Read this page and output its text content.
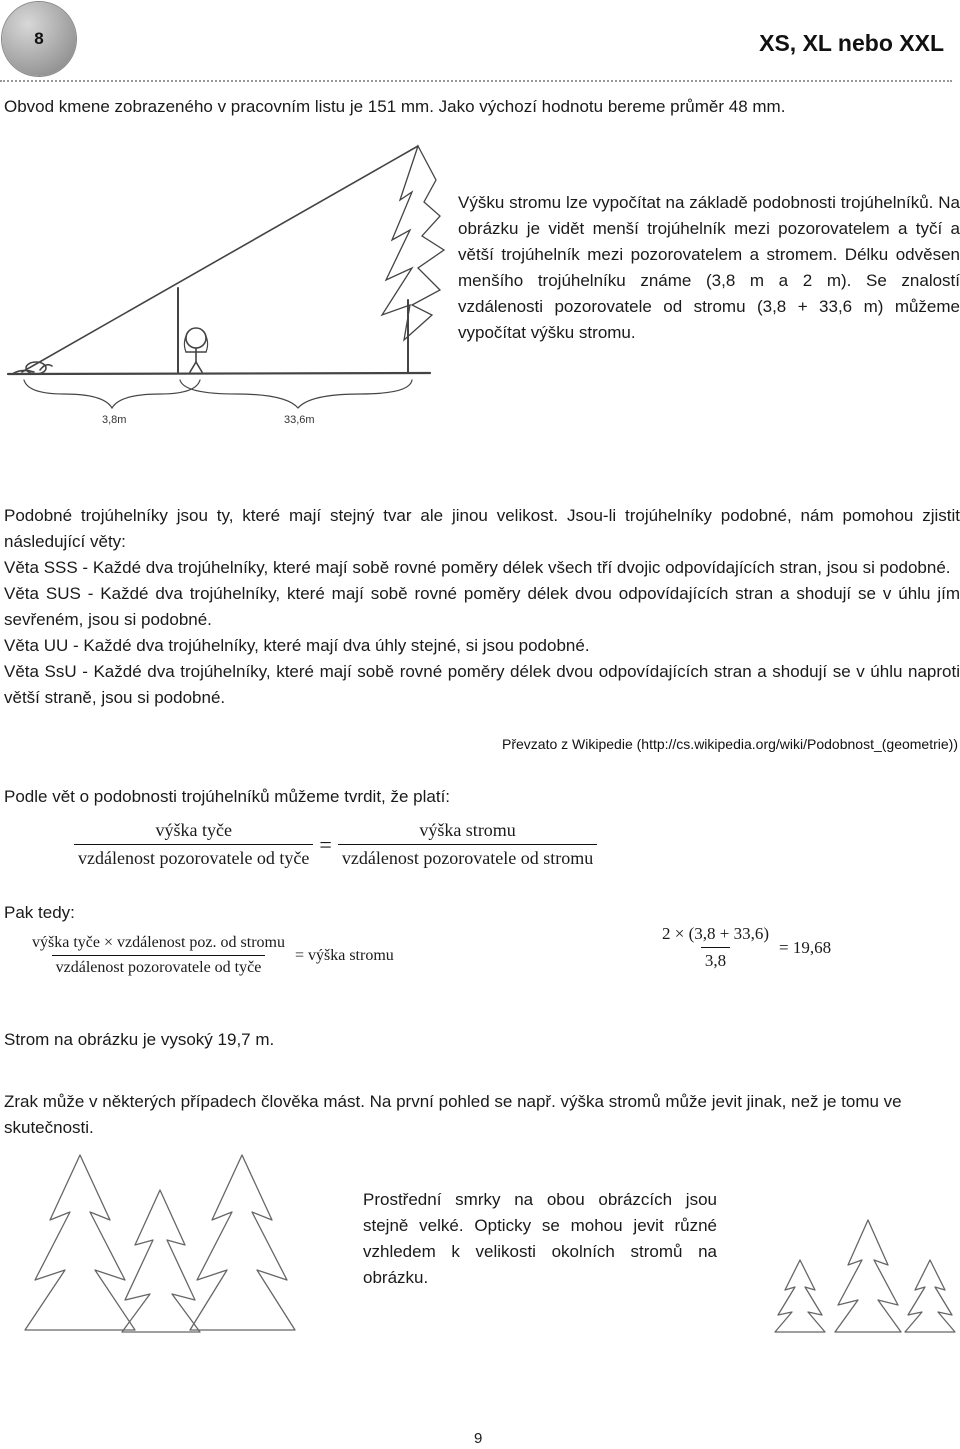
8	XS, XL nebo XXL
Obvod kmene zobrazeného v pracovním listu je 151 mm. Jako výchozí hodnotu bereme průměr 48 mm.
3,8m	33,6m
Výšku stromu lze vypočítat na základě podobnosti trojúhelníků. Na obrázku je vidět menší trojúhelník mezi pozorovatelem a tyčí a větší trojúhelník mezi pozorovatelem a stromem. Délku odvěsen menšího trojúhelníku známe (3,8 m a 2 m). Se znalostí vzdálenosti pozorovatele od stromu (3,8 + 33,6 m) můžeme vypočítat výšku stromu.
Podobné trojúhelníky jsou ty, které mají stejný tvar ale jinou velikost. Jsou-li trojúhelníky podobné, nám pomohou zjistit následující věty:
Věta SSS - Každé dva trojúhelníky, které mají sobě rovné poměry délek všech tří dvojic odpovídajících stran, jsou si podobné.
Věta SUS - Každé dva trojúhelníky, které mají sobě rovné poměry délek dvou odpovídajících stran a shodují se v úhlu jím sevřeném, jsou si podobné.
Věta UU - Každé dva trojúhelníky, které mají dva úhly stejné, si jsou podobné.
Věta SsU - Každé dva trojúhelníky, které mají sobě rovné poměry délek dvou odpovídajících stran a shodují se v úhlu naproti větší straně, jsou si podobné.
Převzato z Wikipedie (http://cs.wikipedia.org/wiki/Podobnost_(geometrie))
Podle vět o podobnosti trojúhelníků můžeme tvrdit, že platí:
$\frac{\text{výška tyče}}{\text{vzdálenost pozorovatele od tyče}} = \frac{\text{výška stromu}}{\text{vzdálenost pozorovatele od stromu}}$
Pak tedy:
$\frac{\text{výška tyče × vzdálenost poz. od stromu}}{\text{vzdálenost pozorovatele od tyče}}$ = výška stromu	$\frac{2 \times (3,8 + 33,6)}{3,8} = 19,68$
Strom na obrázku je vysoký 19,7 m.
Zrak může v některých případech člověka mást. Na první pohled se např. výška stromů může jevit jinak, než je tomu ve skutečnosti.
Prostřední smrky na obou obrázcích jsou stejně velké. Opticky se mohou jevit různé vzhledem k velikosti okolních stromů na obrázku.
9
